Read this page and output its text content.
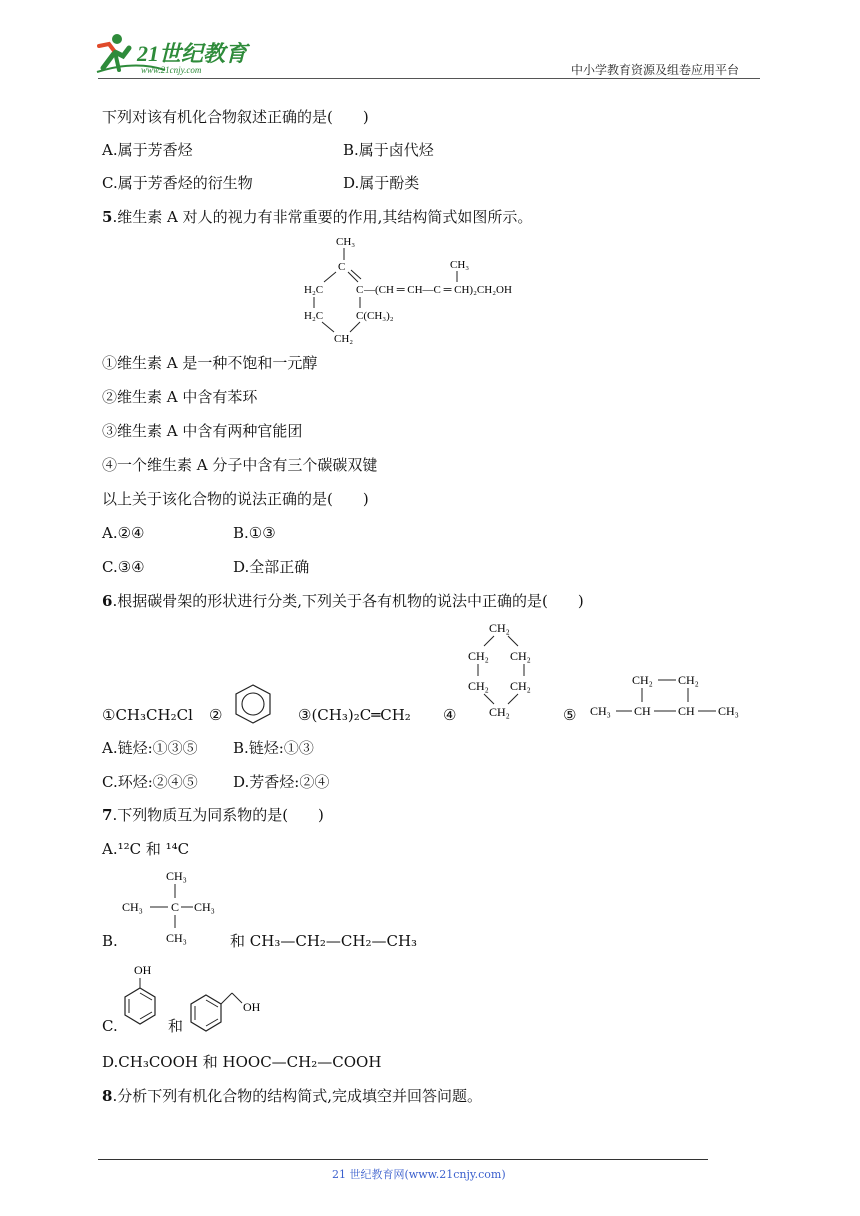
21世纪教育
www.21cnjy.com	中小学教育资源及组卷应用平台
下列对该有机化合物叙述正确的是(　　)
A.属于芳香烃	B.属于卤代烃
C.属于芳香烃的衍生物	D.属于酚类
5.维生素 A 对人的视力有非常重要的作用,其结构简式如图所示。
CH₃
C
H₂C	C —(CH ═ CH—C ═ CH)₂CH₂OH
CH₃
H₂C	C(CH₃)₂
CH₂
①维生素 A 是一种不饱和一元醇
②维生素 A 中含有苯环
③维生素 A 中含有两种官能团
④一个维生素 A 分子中含有三个碳碳双键
以上关于该化合物的说法正确的是(　　)
A.②④	B.①③
C.③④	D.全部正确
6.根据碳骨架的形状进行分类,下列关于各有机物的说法中正确的是(　　)
①CH₃CH₂Cl ②	③(CH₃)₂C═CH₂ ④
CH₂
CH₂ CH₂
CH₂ CH₂
CH₂	⑤
CH₂ CH₂
CH₃ CH CH CH₃
A.链烃:①③⑤ B.链烃:①③
C.环烃:②④⑤ D.芳香烃:②④
7.下列物质互为同系物的是(　　)
A.¹²C 和 ¹⁴C
CH₃
CH₃ C CH₃
CH₃
B.	和 CH₃—CH₂—CH₂—CH₃
OH
C.	和
OH
D.CH₃COOH 和 HOOC—CH₂—COOH
8.分析下列有机化合物的结构简式,完成填空并回答问题。
21 世纪教育网(www.21cnjy.com)
